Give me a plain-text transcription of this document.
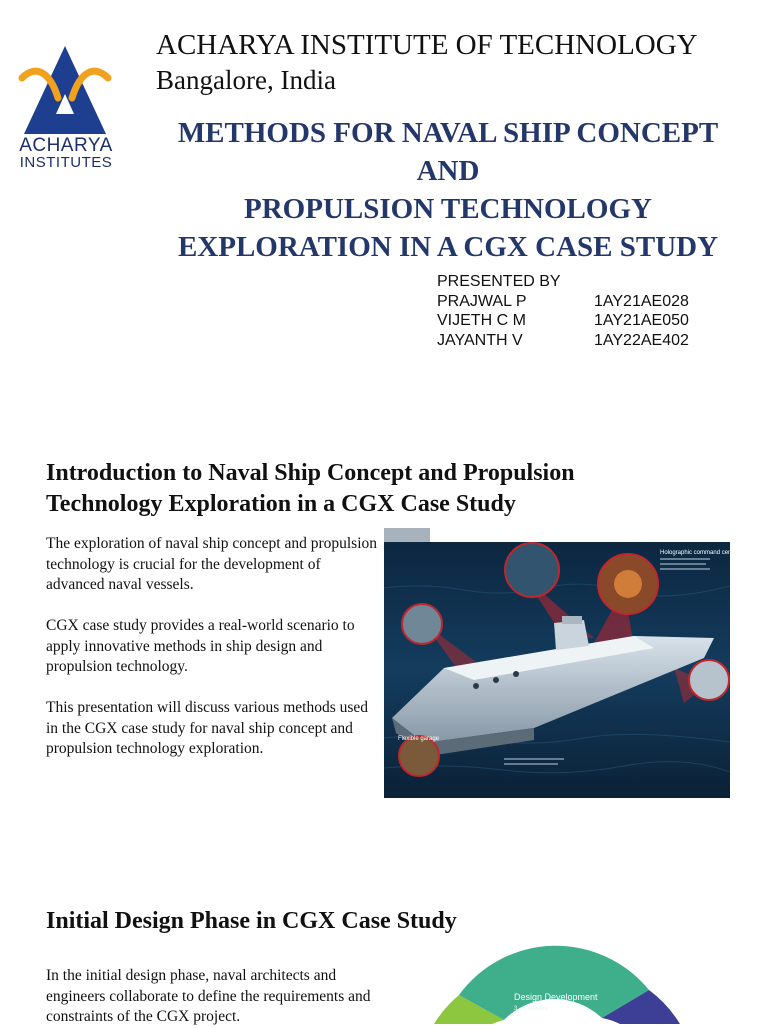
ACHARYA
INSTITUTES
ACHARYA INSTITUTE OF TECHNOLOGY
Bangalore, India
METHODS FOR NAVAL SHIP CONCEPT
AND
PROPULSION TECHNOLOGY
EXPLORATION IN A CGX CASE STUDY
PRESENTED BY
PRAJWAL P	1AY21AE028
VIJETH C M	1AY21AE050
JAYANTH V	1AY22AE402
Introduction to Naval Ship Concept and Propulsion Technology Exploration in a CGX Case Study

The exploration of naval ship concept and propulsion technology is crucial for the development of advanced naval vessels.

CGX case study provides a real-world scenario to apply innovative methods in ship design and propulsion technology.

This presentation will discuss various methods used in the CGX case study for naval ship concept and propulsion technology exploration.

Holographic command centre
Flexible garage
Initial Design Phase in CGX Case Study
In the initial design phase, naval architects and engineers collaborate to define the requirements and constraints of the CGX project.
Design Development
3 - 4 months
15%
